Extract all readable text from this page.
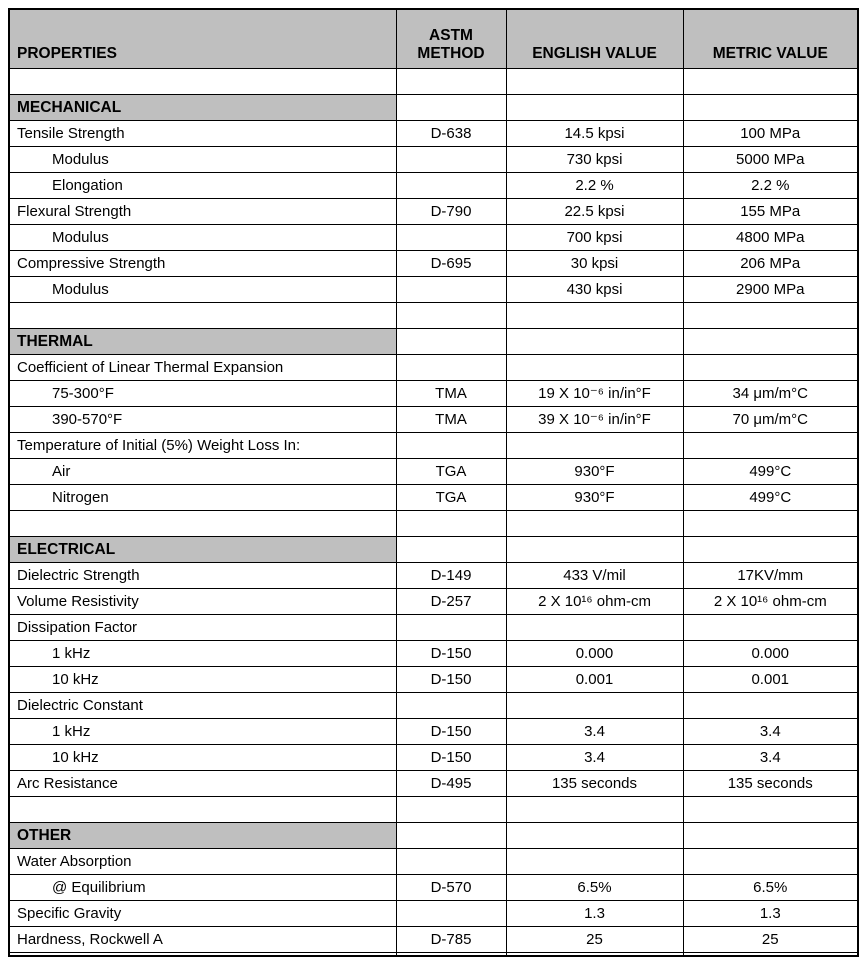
PROPERTIES	ASTM METHOD	ENGLISH VALUE	METRIC VALUE

MECHANICAL			
Tensile Strength	D-638	14.5 kpsi	100 MPa
Modulus		730 kpsi	5000 MPa
Elongation		2.2 %	2.2 %
Flexural Strength	D-790	22.5 kpsi	155 MPa
Modulus		700 kpsi	4800 MPa
Compressive Strength	D-695	30 kpsi	206 MPa
Modulus		430 kpsi	2900 MPa

THERMAL			
Coefficient of Linear Thermal Expansion			
75-300°F	TMA	19 X 10⁻⁶ in/in°F	34 μm/m°C
390-570°F	TMA	39 X 10⁻⁶ in/in°F	70 μm/m°C
Temperature of Initial (5%) Weight Loss In:			
Air	TGA	930°F	499°C
Nitrogen	TGA	930°F	499°C

ELECTRICAL			
Dielectric Strength	D-149	433 V/mil	17KV/mm
Volume Resistivity	D-257	2 X 10¹⁶ ohm-cm	2 X 10¹⁶ ohm-cm
Dissipation Factor			
1 kHz	D-150	0.000	0.000
10 kHz	D-150	0.001	0.001
Dielectric Constant			
1 kHz	D-150	3.4	3.4
10 kHz	D-150	3.4	3.4
Arc Resistance	D-495	135 seconds	135 seconds

OTHER			
Water Absorption			
@ Equilibrium	D-570	6.5%	6.5%
Specific Gravity		1.3	1.3
Hardness, Rockwell A	D-785	25	25
